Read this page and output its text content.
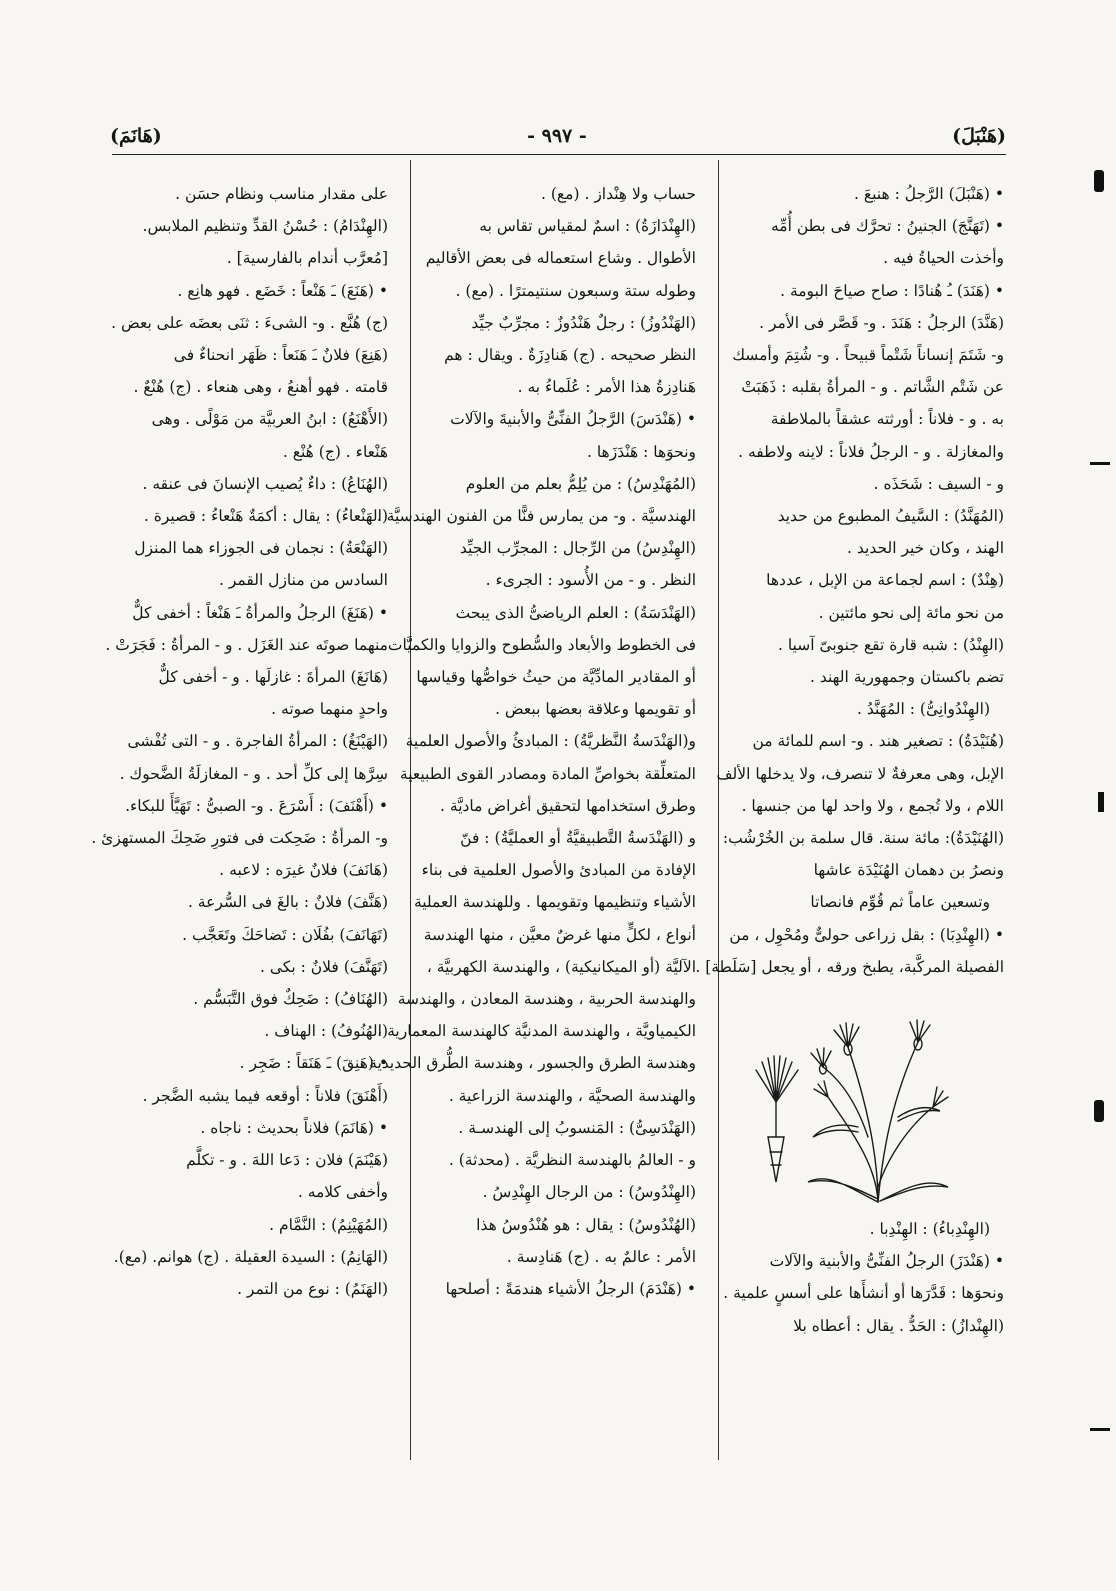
(هَنْبَلَ)
- ٩٩٧ -
(هَانَمَ)
• (هَنْبَلَ) الرَّجلُ : هنبعَ .
• (تَهَنَّجَ) الجنينُ : تحرَّك فى بطن أُمِّه
وأخذت الحياةُ فيه .
• (هَنَدَ) ـُ هُنادًا : صاح صياحَ البومة .
(هَنَّدَ) الرجلُ : هَنَدَ . و- قَصَّر فى الأمر .
و- شَتَمَ إنساناً شَتْماً قبيحاً . و- شُتِمَ وأمسك
عن شَتْم الشَّاتم . و - المرأةُ بقلبه : ذَهَبَتْ
به . و - فلاناً : أورثته عشقاً بالملاطفة
والمغازلة . و - الرجلُ فلاناً : لاينه ولاطفه .
و - السيف : شَحَذَه .
(المُهَنَّدُ) : السَّيفُ المطبوع من حديد
الهند ، وكان خير الحديد .
(هِنْدٌ) : اسم لجماعة من الإبل ، عددها
من نحو مائة إلى نحو مائتين .
(الهِنْدُ) : شبه قارة تقع جنوبىّ آسيا .
تضم باكستان وجمهورية الهند .
(الهِنْدُوانِىُّ) : المُهَنَّدُ .
(هُنَيْدَةُ) : تصغير هند . و- اسم للمائة من
الإبل، وهى معرفةٌ لا تنصرف، ولا يدخلها الألف
اللام ، ولا تُجمع ، ولا واحد لها من جنسها .
(الهُنَيْدَةُ): مائة سنة. قال سلمة بن الخُرْشُب:
ونصرُ بن دهمان الهُنَيْدَة عاشها
وتسعين عاماً ثم قُوِّم فانصاتا
• (الهِنْدِبَا) : بقل زراعى حولىٌّ ومُحْوِل ، من
الفصيلة المركَّبة، يطبخ ورقه ، أو يجعل [سَلَطة] .
(الهِنْدِباءُ) : الهِنْدِبا .
• (هَنْدَزَ) الرجلُ الفنِّىُّ والأبنية والآلات
ونحوَها : قَدَّرَها أو أنشأَها على أسسٍ علمية .
(الهِنْدازُ) : الحَدُّ . يقال : أعطاه بلا
حساب ولا هِنْداز . (مع) .
(الهِنْدَازَةُ) : اسمٌ لمقياس تقاس به
الأطوال . وشاع استعماله فى بعض الأقاليم
وطوله ستة وسبعون سنتيمترًا . (مع) .
(الهَنْدُوزُ) : رجلٌ هَنْدُوزٌ : مجرِّبٌ جيِّد
النظر صحيحه . (ج) هَنادِزَةٌ . ويقال : هم
هَنادِزةُ هذا الأمر : عُلَماءُ به .
• (هَنْدَسَ) الرَّجلُ الفنِّىُّ والأبنيةَ والآلات
ونحوَها : هَنْدَزَها .
(المُهَنْدِسُ) : من يُلِمُّ بعلم من العلوم
الهندسيَّة . و- من يمارس فنًّا من الفنون الهندسيَّة .
(الهِنْدِسُ) من الرِّجال : المجرِّب الجيِّد
النظر . و - من الأُسود : الجرىء .
(الهَنْدَسَةُ) : العلم الرياضىُّ الذى يبحث
فى الخطوط والأبعاد والسُّطوح والزوايا والكميَّات
أو المقادير المادِّيَّة من حيثُ خواصُّها وقياسها
أو تقويمها وعلاقة بعضها ببعض .
و(الهَنْدَسةُ النَّظريَّةُ) : المبادئُ والأصول العلمية
المتعلِّقة بخواصِّ المادة ومصادر القوى الطبيعية
وطرق استخدامها لتحقيق أغراض ماديَّة .
و (الهَنْدَسةُ التَّطبيقيَّةُ أو العمليَّةُ) : فنّ
الإفادة من المبادئ والأصول العلمية فى بناء
الأشياء وتنظيمها وتقويمها . وللهندسة العملية
أنواع ، لكلٍّ منها غرضٌ معيَّن ، منها الهندسة
الآليَّة (أو الميكانيكية) ، والهندسة الكهربيَّة ،
والهندسة الحربية ، وهندسة المعادن ، والهندسة
الكيمياويَّة ، والهندسة المدنيَّة كالهندسة المعمارية ،
وهندسة الطرق والجسور ، وهندسة الطُّرق الحديدية ،
والهندسة الصحيَّة ، والهندسة الزراعية .
(الهَنْدَسِىُّ) : المَنسوبُ إلى الهندسـة .
و - العالمُ بالهندسة النظريَّة . (محدثة) .
(الهِنْدُوسُ) : من الرجال الهِنْدِسُ .
(الهُنْدُوسُ) : يقال : هو هُنْدُوسُ هذا
الأمر : عالمٌ به . (ج) هَنادِسة .
• (هَنْدَمَ) الرجلُ الأشياء هندمَةً : أصلحها
على مقدار مناسب ونظام حسَن .
(الهِنْدَامُ) : حُسْنُ القدِّ وتنظيم الملابس.
[مُعرَّب أندام بالفارسية] .
• (هَنَعَ) ـَ هَنْعاً : خَضَع . فهو هانِع .
(ج) هُنَّع . و- الشىءَ : ثنَى بعضَه على بعض .
(هَنِعَ) فلانٌ ـَ هَنَعاً : ظَهَر انحناءٌ فى
قامته . فهو أهنعُ ، وهى هنعاء . (ج) هُنْعٌ .
(الأَهْنَعُ) : ابنُ العربيَّة من مَوْلًى . وهى
هَنْعاء . (ج) هُنْع .
(الهُنَاعُ) : داءٌ يُصيب الإنسانَ فى عنقه .
(الهَنْعاءُ) : يقال : أكمَةٌ هَنْعاءُ : قصيرة .
(الهَنْعَةُ) : نجمان فى الجوزاء هما المنزل
السادس من منازل القمر .
• (هَنَغَ) الرجلُ والمرأةُ ـَ هَنْغاً : أخفى كلٌّ
منهما صوتَه عند الغَزَل . و - المرأةُ : فَجَرَتْ .
(هَانَغَ) المرأةَ : غازلَها . و - أخفى كلٌّ
واحدٍ منهما صوته .
(الهَيْنَغُ) : المرأةُ الفاجرة . و - التى تُفْشى
سِرَّها إلى كلِّ أحد . و - المغازلَةُ الضَّحوك .
• (أَهْنَفَ) : أَسْرَعَ . و- الصبىُّ : تَهَيَّأَ للبكاء.
و- المرأةُ : ضَحِكت فى فتورِ ضَحِكَ المستهزئ .
(هَانَفَ) فلانٌ غيرَه : لاعبه .
(هَنَّفَ) فلانٌ : بالغَ فى السُّرعة .
(تَهَانَفَ) بفُلَان : تَضاحَكَ وتَعَجَّب .
(تَهَنَّفَ) فلانٌ : بكى .
(الهُنَافُ) : ضَحِكٌ فوق التَّبَسُّم .
(الهُنُوفُ) : الهناف .
• (هَنِقَ) ـَ هَنَقاً : ضَجِر .
(أَهْنَقَ) فلاناً : أوقعه فيما يشبه الضَّجر .
• (هَانَمَ) فلاناً بحديث : ناجاه .
(هَيْنَمَ) فلان : دَعا اللهَ . و - تكلَّم
وأخفى كلامه .
(المُهَيْنِمُ) : النَّمَّام .
(الهَانِمُ) : السيدة العقيلة . (ج) هوانم. (مع).
(الهَنَمُ) : نوع من التمر .
